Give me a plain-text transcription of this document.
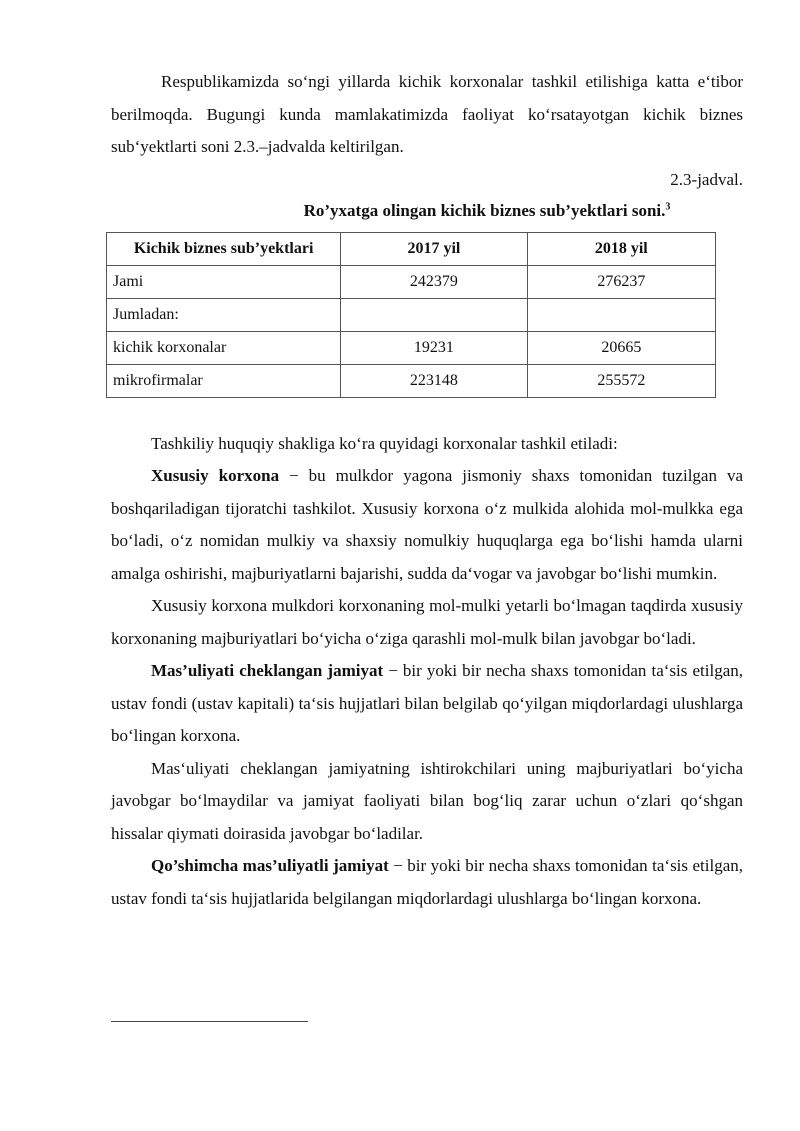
Respublikamizda so‘ngi yillarda kichik korxonalar tashkil etilishiga katta e‘tibor berilmoqda. Bugungi kunda mamlakatimizda faoliyat ko‘rsatayotgan kichik biznes sub‘yektlarti soni 2.3.–jadvalda keltirilgan.

2.3-jadval.

Ro’yxatga olingan kichik biznes sub’yektlari soni.$^3$

Kichik biznes sub’yektlari	2017 yil	2018 yil
Jami	242379	276237
Jumladan:		
kichik korxonalar	19231	20665
mikrofirmalar	223148	255572

Tashkiliy huquqiy shakliga ko‘ra quyidagi korxonalar tashkil etiladi:

Xususiy korxona − bu mulkdor yagona jismoniy shaxs tomonidan tuzilgan va boshqariladigan tijoratchi tashkilot. Xususiy korxona o‘z mulkida alohida mol-mulkka ega bo‘ladi, o‘z nomidan mulkiy va shaxsiy nomulkiy huquqlarga ega bo‘lishi hamda ularni amalga oshirishi, majburiyatlarni bajarishi, sudda da‘vogar va javobgar bo‘lishi mumkin.

Xususiy korxona mulkdori korxonaning mol-mulki yetarli bo‘lmagan taqdirda xususiy korxonaning majburiyatlari bo‘yicha o‘ziga qarashli mol-mulk bilan javobgar bo‘ladi.

Mas’uliyati cheklangan jamiyat − bir yoki bir necha shaxs tomonidan ta‘sis etilgan, ustav fondi (ustav kapitali) ta‘sis hujjatlari bilan belgilab qo‘yilgan miqdorlardagi ulushlarga bo‘lingan korxona.

Mas‘uliyati cheklangan jamiyatning ishtirokchilari uning majburiyatlari bo‘yicha javobgar bo‘lmaydilar va jamiyat faoliyati bilan bog‘liq zarar uchun o‘zlari qo‘shgan hissalar qiymati doirasida javobgar bo‘ladilar.

Qo’shimcha mas’uliyatli jamiyat − bir yoki bir necha shaxs tomonidan ta‘sis etilgan, ustav fondi ta‘sis hujjatlarida belgilangan miqdorlardagi ulushlarga bo‘lingan korxona.
